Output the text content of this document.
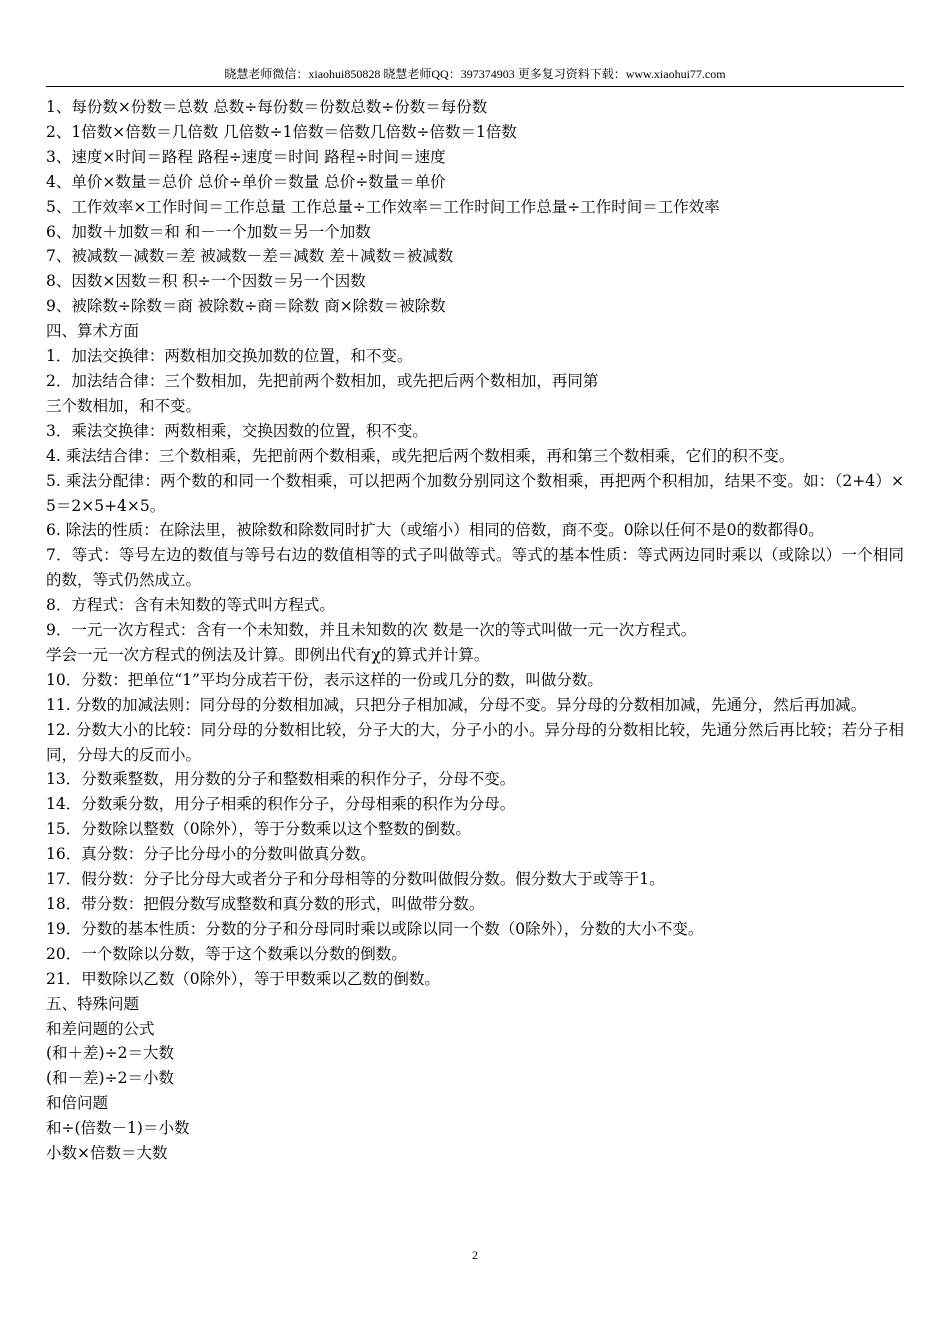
晓慧老师微信：xiaohui850828 晓慧老师QQ：397374903 更多复习资料下载：www.xiaohui77.com
1、每份数×份数＝总数 总数÷每份数＝份数总数÷份数＝每份数
2、1倍数×倍数＝几倍数 几倍数÷1倍数＝倍数几倍数÷倍数＝1倍数
3、速度×时间＝路程 路程÷速度＝时间 路程÷时间＝速度
4、单价×数量＝总价 总价÷单价＝数量 总价÷数量＝单价
5、工作效率×工作时间＝工作总量 工作总量÷工作效率＝工作时间工作总量÷工作时间＝工作效率
6、加数＋加数＝和 和－一个加数＝另一个加数
7、被减数－减数＝差 被减数－差＝减数 差＋减数＝被减数
8、因数×因数＝积 积÷一个因数＝另一个因数
9、被除数÷除数＝商 被除数÷商＝除数 商×除数＝被除数
四、算术方面
1．加法交换律：两数相加交换加数的位置，和不变。
2．加法结合律：三个数相加，先把前两个数相加，或先把后两个数相加，再同第
三个数相加，和不变。
3．乘法交换律：两数相乘，交换因数的位置，积不变。
4. 乘法结合律：三个数相乘，先把前两个数相乘，或先把后两个数相乘，再和第三个数相乘，它们的积不变。
5. 乘法分配律：两个数的和同一个数相乘，可以把两个加数分别同这个数相乘，再把两个积相加，结果不变。如：（2+4）×5＝2×5+4×5。
6. 除法的性质：在除法里，被除数和除数同时扩大（或缩小）相同的倍数，商不变。0除以任何不是0的数都得0。
7．等式：等号左边的数值与等号右边的数值相等的式子叫做等式。等式的基本性质：等式两边同时乘以（或除以）一个相同的数，等式仍然成立。
8．方程式：含有未知数的等式叫方程式。
9．一元一次方程式：含有一个未知数，并且未知数的次 数是一次的等式叫做一元一次方程式。
学会一元一次方程式的例法及计算。即例出代有χ的算式并计算。
10．分数：把单位“1”平均分成若干份，表示这样的一份或几分的数，叫做分数。
11. 分数的加减法则：同分母的分数相加减，只把分子相加减，分母不变。异分母的分数相加减，先通分，然后再加减。
12. 分数大小的比较：同分母的分数相比较，分子大的大，分子小的小。异分母的分数相比较，先通分然后再比较；若分子相同，分母大的反而小。
13．分数乘整数，用分数的分子和整数相乘的积作分子，分母不变。
14．分数乘分数，用分子相乘的积作分子，分母相乘的积作为分母。
15．分数除以整数（0除外），等于分数乘以这个整数的倒数。
16．真分数：分子比分母小的分数叫做真分数。
17．假分数：分子比分母大或者分子和分母相等的分数叫做假分数。假分数大于或等于1。
18．带分数：把假分数写成整数和真分数的形式，叫做带分数。
19．分数的基本性质：分数的分子和分母同时乘以或除以同一个数（0除外），分数的大小不变。
20．一个数除以分数，等于这个数乘以分数的倒数。
21．甲数除以乙数（0除外），等于甲数乘以乙数的倒数。
五、特殊问题
和差问题的公式
(和＋差)÷2＝大数
(和－差)÷2＝小数
和倍问题
和÷(倍数－1)＝小数
小数×倍数＝大数
2
